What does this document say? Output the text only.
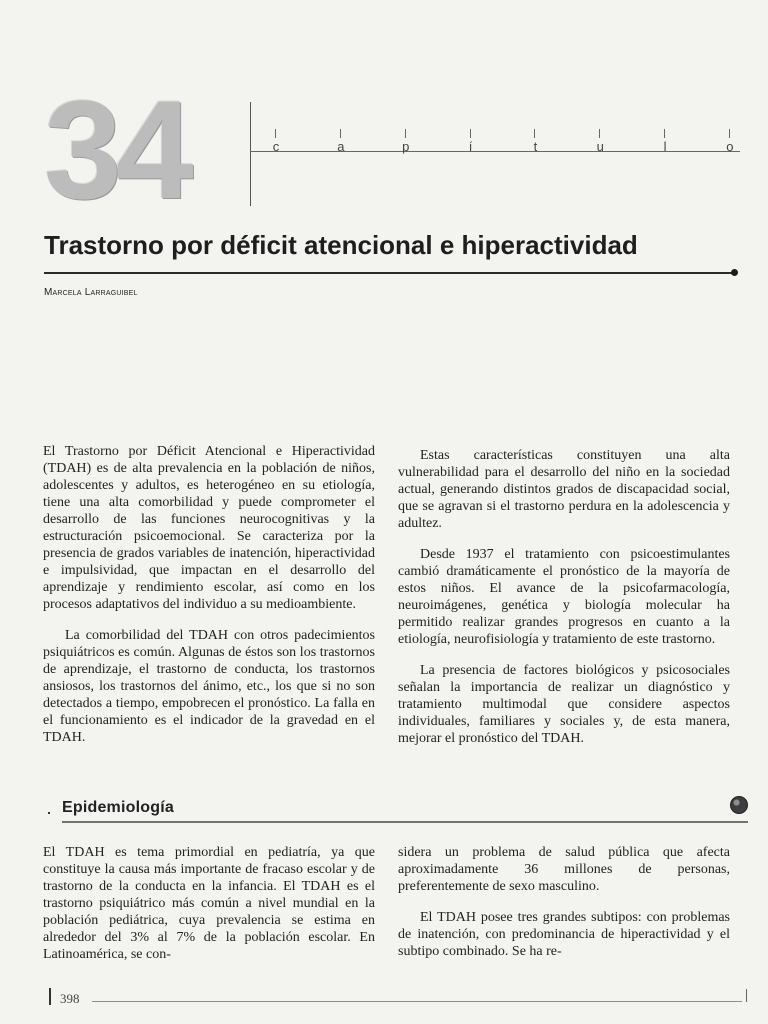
34	c	a	p	í	t	u	l	o
Trastorno por déficit atencional e hiperactividad
Marcela Larraguibel

El Trastorno por Déficit Atencional e Hiperactividad (TDAH) es de alta prevalencia en la población de niños, adolescentes y adultos, es heterogéneo en su etiología, tiene una alta comorbilidad y puede comprometer el desarrollo de las funciones neurocognitivas y la estructuración psicoemocional. Se caracteriza por la presencia de grados variables de inatención, hiperactividad e impulsividad, que impactan en el desarrollo del aprendizaje y rendimiento escolar, así como en los procesos adaptativos del individuo a su medioambiente.

La comorbilidad del TDAH con otros padecimientos psiquiátricos es común. Algunas de éstos son los trastornos de aprendizaje, el trastorno de conducta, los trastornos ansiosos, los trastornos del ánimo, etc., los que si no son detectados a tiempo, empobrecen el pronóstico. La falla en el funcionamiento es el indicador de la gravedad en el TDAH.

Estas características constituyen una alta vulnerabilidad para el desarrollo del niño en la sociedad actual, generando distintos grados de discapacidad social, que se agravan si el trastorno perdura en la adolescencia y adultez.

Desde 1937 el tratamiento con psicoestimulantes cambió dramáticamente el pronóstico de la mayoría de estos niños. El avance de la psicofarmacología, neuroimágenes, genética y biología molecular ha permitido realizar grandes progresos en cuanto a la etiología, neurofisiología y tratamiento de este trastorno.

La presencia de factores biológicos y psicosociales señalan la importancia de realizar un diagnóstico y tratamiento multimodal que considere aspectos individuales, familiares y sociales y, de esta manera, mejorar el pronóstico del TDAH.

Epidemiología

El TDAH es tema primordial en pediatría, ya que constituye la causa más importante de fracaso escolar y de trastorno de la conducta en la infancia. El TDAH es el trastorno psiquiátrico más común a nivel mundial en la población pediátrica, cuya prevalencia se estima en alrededor del 3% al 7% de la población escolar. En Latinoamérica, se con-

sidera un problema de salud pública que afecta aproximadamente 36 millones de personas, preferentemente de sexo masculino.

El TDAH posee tres grandes subtipos: con problemas de inatención, con predominancia de hiperactividad y el subtipo combinado. Se ha re-

398
